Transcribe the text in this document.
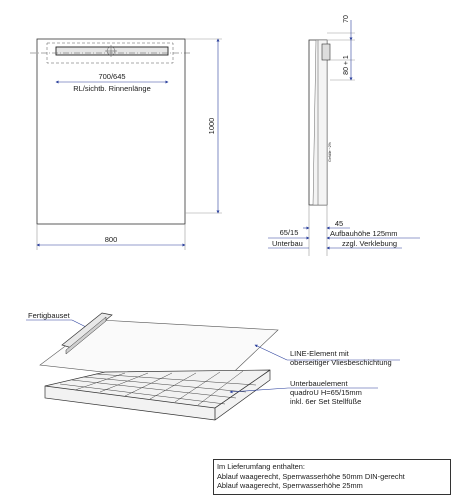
700/645
RL/sichtb. Rinnenlänge
1000
800
Gefälle ~2%
70
80 + 1
45
65/15	Aufbauhöhe 125mm
Unterbau	zzgl. Verklebung
Fertigbauset
LINE-Element mit oberseitiger Vliesbeschichtung
Unterbauelement quadroU H=65/15mm inkl. 6er Set Stellfüße
Im Lieferumfang enthalten:
Ablauf waagerecht, Sperrwasserhöhe 50mm DIN-gerecht
Ablauf waagerecht, Sperrwasserhöhe 25mm
